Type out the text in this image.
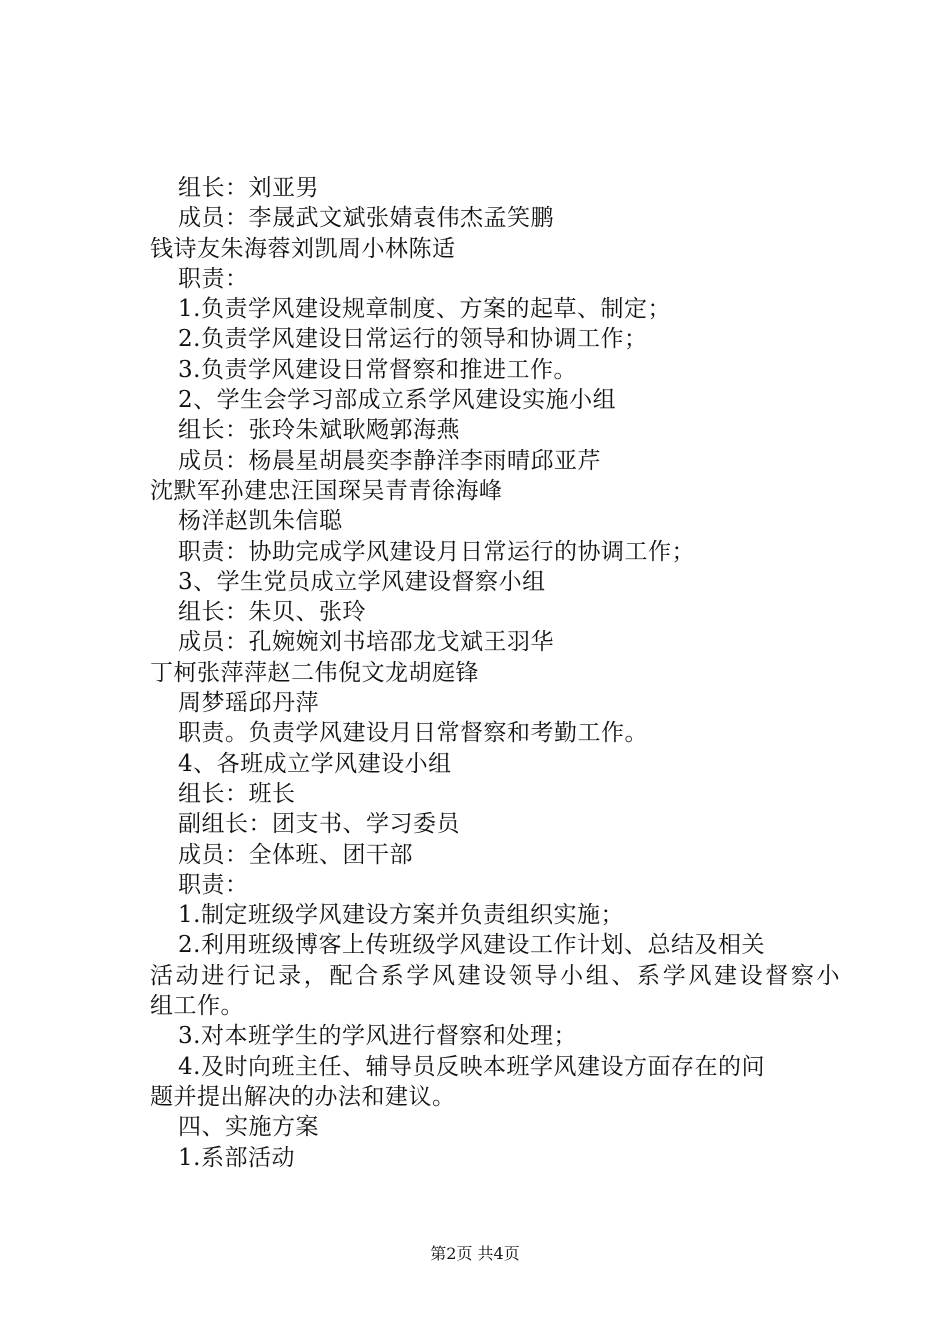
组长：刘亚男
成员：李晟武文斌张婧袁伟杰孟笑鹏
钱诗友朱海蓉刘凯周小林陈适
职责：
1.负责学风建设规章制度、方案的起草、制定；
2.负责学风建设日常运行的领导和协调工作；
3.负责学风建设日常督察和推进工作。
2、学生会学习部成立系学风建设实施小组
组长：张玲朱斌耿飏郭海燕
成员：杨晨星胡晨奕李静洋李雨晴邱亚芹
沈默军孙建忠汪国琛吴青青徐海峰
杨洋赵凯朱信聪
职责：协助完成学风建设月日常运行的协调工作；
3、学生党员成立学风建设督察小组
组长：朱贝、张玲
成员：孔婉婉刘书培邵龙戈斌王羽华
丁柯张萍萍赵二伟倪文龙胡庭锋
周梦瑶邱丹萍
职责。负责学风建设月日常督察和考勤工作。
4、各班成立学风建设小组
组长：班长
副组长：团支书、学习委员
成员：全体班、团干部
职责：
1.制定班级学风建设方案并负责组织实施；
2.利用班级博客上传班级学风建设工作计划、总结及相关
活动进行记录，配合系学风建设领导小组、系学风建设督察小
组工作。
3.对本班学生的学风进行督察和处理；
4.及时向班主任、辅导员反映本班学风建设方面存在的问
题并提出解决的办法和建议。
四、实施方案
1.系部活动
第2页 共4页
